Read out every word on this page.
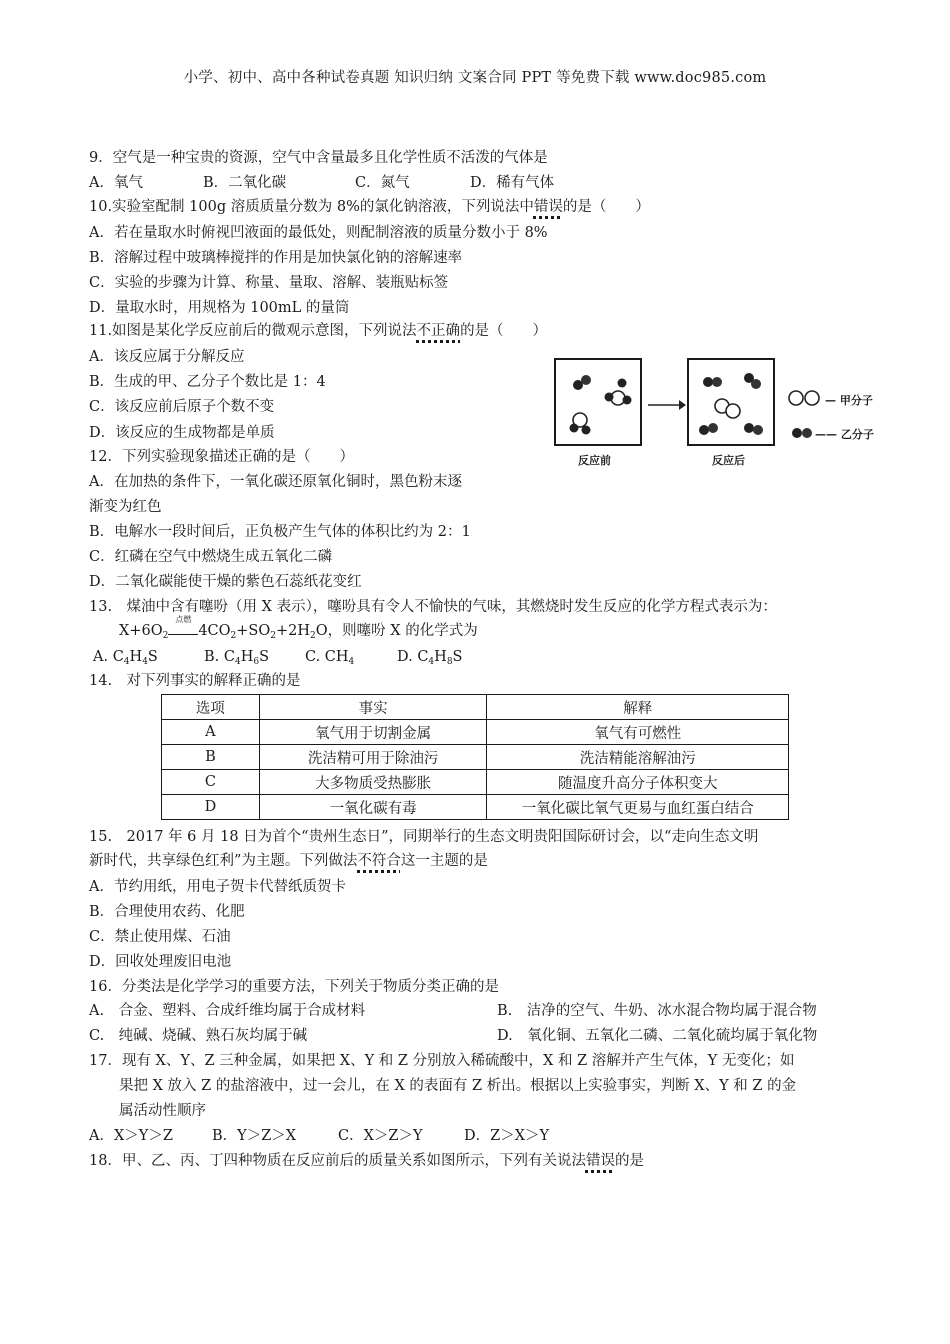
小学、初中、高中各种试卷真题 知识归纳 文案合同 PPT 等免费下载 www.doc985.com
9．空气是一种宝贵的资源，空气中含量最多且化学性质不活泼的气体是
A．氧气	B．二氧化碳	C．氮气	D．稀有气体
10.实验室配制 100g 溶质质量分数为 8%的氯化钠溶液，下列说法中错误的是（　　）
A．若在量取水时俯视凹液面的最低处，则配制溶液的质量分数小于 8%
B．溶解过程中玻璃棒搅拌的作用是加快氯化钠的溶解速率
C．实验的步骤为计算、称量、量取、溶解、装瓶贴标签
D．量取水时，用规格为 100mL 的量筒
11.如图是某化学反应前后的微观示意图，下列说法不正确的是（　　）
A．该反应属于分解反应
B．生成的甲、乙分子个数比是 1：4
C．该反应前后原子个数不变
D．该反应的生成物都是单质
反应前	反应后
— 甲分子
—— 乙分子
12．下列实验现象描述正确的是（　　）
A．在加热的条件下，一氧化碳还原氧化铜时，黑色粉末逐
渐变为红色
B．电解水一段时间后，正负极产生气体的体积比约为 2：1
C．红磷在空气中燃烧生成五氧化二磷
D．二氧化碳能使干燥的紫色石蕊纸花变红
13.　煤油中含有噻吩（用 X 表示），噻吩具有令人不愉快的气味，其燃烧时发生反应的化学方程式表示为：
$X+6O_2$
点燃
$4CO_2+SO_2+2H_2O$，则噻吩 X 的化学式为
A. $C_4H_4S$	B. $C_4H_6S$ C. $CH_4$	D. $C_4H_8S$
14.　对下列事实的解释正确的是
选项	事实	解释
A	氧气用于切割金属	氧气有可燃性
B	洗洁精可用于除油污	洗洁精能溶解油污
C	大多物质受热膨胀	随温度升高分子体积变大
D	一氧化碳有毒	一氧化碳比氧气更易与血红蛋白结合
15.　2017 年 6 月 18 日为首个“贵州生态日”，同期举行的生态文明贵阳国际研讨会，以“走向生态文明
新时代，共享绿色红利”为主题。下列做法不符合这一主题的是
A．节约用纸，用电子贺卡代替纸质贺卡
B．合理使用农药、化肥
C．禁止使用煤、石油
D．回收处理废旧电池
16．分类法是化学学习的重要方法，下列关于物质分类正确的是
A.　合金、塑料、合成纤维均属于合成材料	B.　洁净的空气、牛奶、冰水混合物均属于混合物
C.　纯碱、烧碱、熟石灰均属于碱	D.　氧化铜、五氧化二磷、二氧化硫均属于氧化物
17．现有 X、Y、Z 三种金属，如果把 X、Y 和 Z 分别放入稀硫酸中，X 和 Z 溶解并产生气体，Y 无变化；如
果把 X 放入 Z 的盐溶液中，过一会儿，在 X 的表面有 Z 析出。根据以上实验事实，判断 X、Y 和 Z 的金
属活动性顺序
A．X＞Y＞Z	B．Y＞Z＞X	C．X＞Z＞Y	D．Z＞X＞Y
18．甲、乙、丙、丁四种物质在反应前后的质量关系如图所示，下列有关说法错误的是
